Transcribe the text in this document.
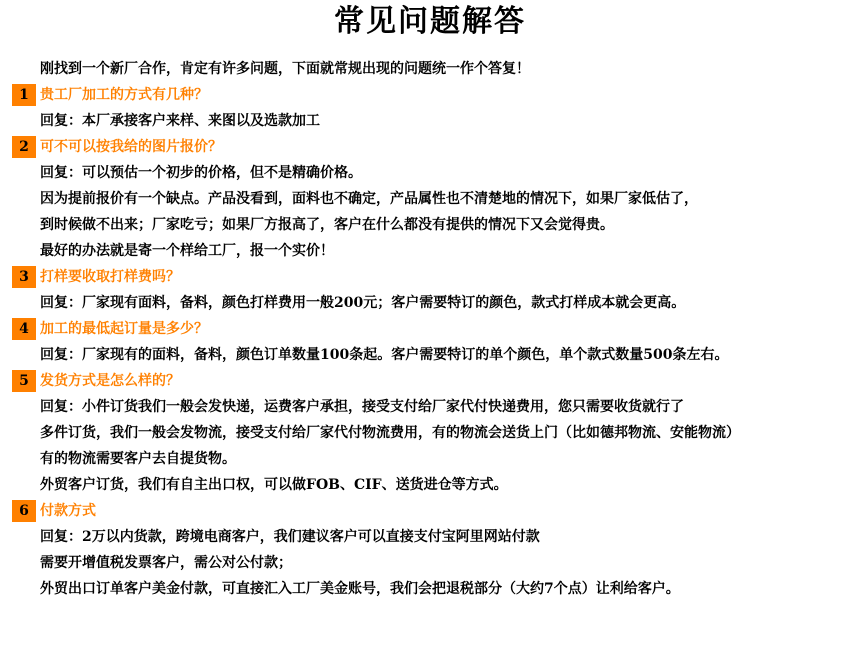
常见问题解答
刚找到一个新厂合作，肯定有许多问题，下面就常规出现的问题统一作个答复！
1 贵工厂加工的方式有几种？
回复：本厂承接客户来样、来图以及选款加工
2 可不可以按我给的图片报价？
回复：可以预估一个初步的价格，但不是精确价格。
因为提前报价有一个缺点。产品没看到，面料也不确定，产品属性也不清楚地的情况下，如果厂家低估了，
到时候做不出来；厂家吃亏；如果厂方报高了，客户在什么都没有提供的情况下又会觉得贵。
最好的办法就是寄一个样给工厂，报一个实价！
3 打样要收取打样费吗？
回复：厂家现有面料，备料，颜色打样费用一般200元；客户需要特订的颜色，款式打样成本就会更高。
4 加工的最低起订量是多少？
回复：厂家现有的面料，备料，颜色订单数量100条起。客户需要特订的单个颜色，单个款式数量500条左右。
5 发货方式是怎么样的？
回复：小件订货我们一般会发快递，运费客户承担，接受支付给厂家代付快递费用，您只需要收货就行了
多件订货，我们一般会发物流，接受支付给厂家代付物流费用，有的物流会送货上门（比如德邦物流、安能物流）
有的物流需要客户去自提货物。
外贸客户订货，我们有自主出口权，可以做FOB、CIF、送货进仓等方式。
6 付款方式
回复：2万以内货款，跨境电商客户，我们建议客户可以直接支付宝阿里网站付款
需要开增值税发票客户，需公对公付款；
外贸出口订单客户美金付款，可直接汇入工厂美金账号，我们会把退税部分（大约7个点）让利给客户。
